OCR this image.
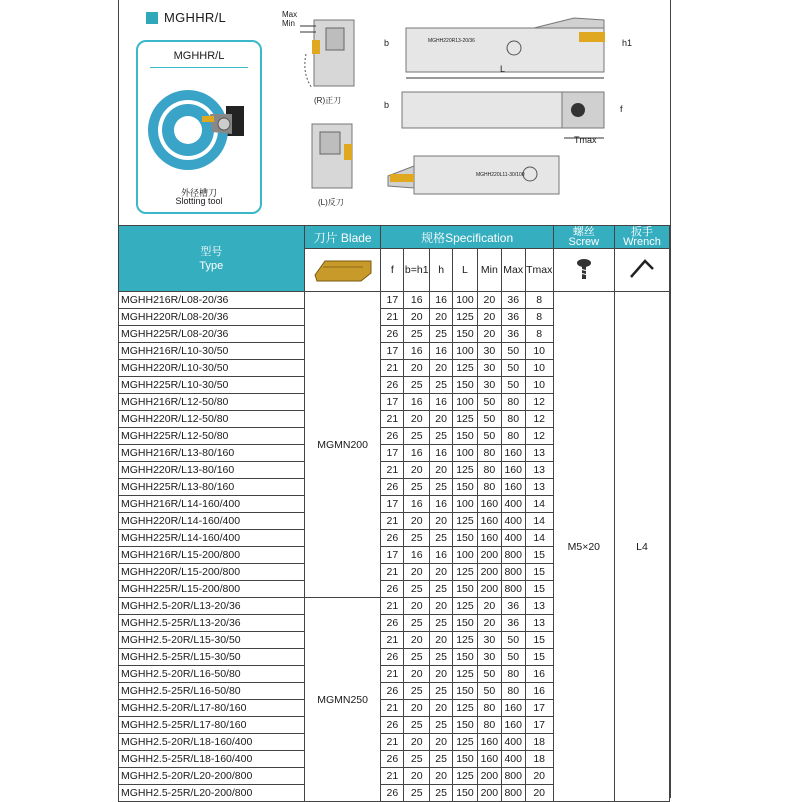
MGHHR/L
MGHHR/L
外径槽刀
Slotting tool
Max
Min
(R)正刀
(L)反刀
MGHH220R13-20/36
b	h1
L
b	f
Tmax
MGHH220L11-30/100
型号
Type	刀片 Blade	规格Specification							螺丝
Screw	扳手
Wrench

	f	b=h1	h	L	Min	Max	Tmax		
MGHH216R/L08-20/36	MGMN200	17	16	16	100	20	36	8	M5×20	L4
MGHH220R/L08-20/36		21	20	20	125	20	36	8		
MGHH225R/L08-20/36		26	25	25	150	20	36	8		
MGHH216R/L10-30/50		17	16	16	100	30	50	10		
MGHH220R/L10-30/50		21	20	20	125	30	50	10		
MGHH225R/L10-30/50		26	25	25	150	30	50	10		
MGHH216R/L12-50/80		17	16	16	100	50	80	12		
MGHH220R/L12-50/80		21	20	20	125	50	80	12		
MGHH225R/L12-50/80		26	25	25	150	50	80	12		
MGHH216R/L13-80/160		17	16	16	100	80	160	13		
MGHH220R/L13-80/160		21	20	20	125	80	160	13		
MGHH225R/L13-80/160		26	25	25	150	80	160	13		
MGHH216R/L14-160/400		17	16	16	100	160	400	14		
MGHH220R/L14-160/400		21	20	20	125	160	400	14		
MGHH225R/L14-160/400		26	25	25	150	160	400	14		
MGHH216R/L15-200/800		17	16	16	100	200	800	15		
MGHH220R/L15-200/800		21	20	20	125	200	800	15		
MGHH225R/L15-200/800		26	25	25	150	200	800	15		
MGHH2.5-20R/L13-20/36	MGMN250	21	20	20	125	20	36	13		
MGHH2.5-25R/L13-20/36		26	25	25	150	20	36	13		
MGHH2.5-20R/L15-30/50		21	20	20	125	30	50	15		
MGHH2.5-25R/L15-30/50		26	25	25	150	30	50	15		
MGHH2.5-20R/L16-50/80		21	20	20	125	50	80	16		
MGHH2.5-25R/L16-50/80		26	25	25	150	50	80	16		
MGHH2.5-20R/L17-80/160		21	20	20	125	80	160	17		
MGHH2.5-25R/L17-80/160		26	25	25	150	80	160	17		
MGHH2.5-20R/L18-160/400		21	20	20	125	160	400	18		
MGHH2.5-25R/L18-160/400		26	25	25	150	160	400	18		
MGHH2.5-20R/L20-200/800		21	20	20	125	200	800	20		
MGHH2.5-25R/L20-200/800		26	25	25	150	200	800	20		
